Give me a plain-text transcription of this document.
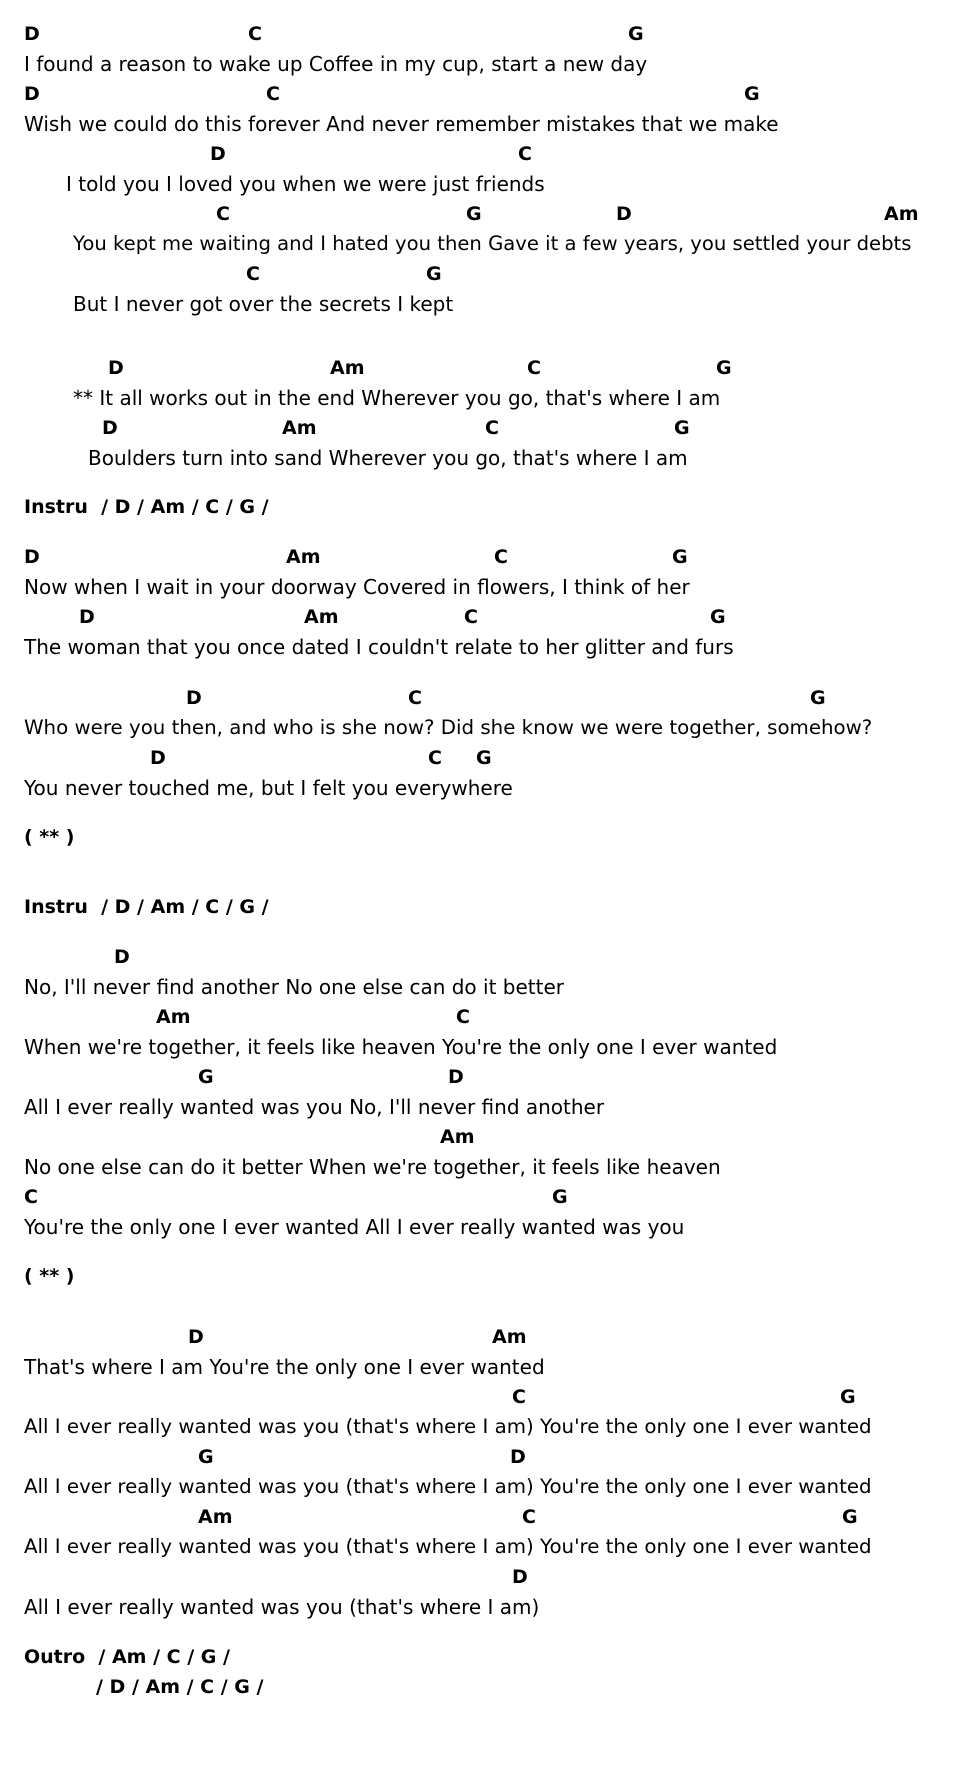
D	C	G
I found a reason to wake up Coffee in my cup, start a new day
D	C	G
Wish we could do this forever And never remember mistakes that we make
D	C
I told you I loved you when we were just friends
C	G	D	Am
You kept me waiting and I hated you then Gave it a few years, you settled your debts
C	G
But I never got over the secrets I kept
D	Am	C	G
** It all works out in the end Wherever you go, that's where I am
D	Am	C	G
Boulders turn into sand Wherever you go, that's where I am
Instru  / D / Am / C / G /
D	Am	C	G
Now when I wait in your doorway Covered in flowers, I think of her
D	Am	C	G
The woman that you once dated I couldn't relate to her glitter and furs
D	C	G
Who were you then, and who is she now? Did she know we were together, somehow?
D	C G
You never touched me, but I felt you everywhere
( ** )
Instru  / D / Am / C / G /
D
No, I'll never find another No one else can do it better
Am	C
When we're together, it feels like heaven You're the only one I ever wanted
G	D
All I ever really wanted was you No, I'll never find another
Am
No one else can do it better When we're together, it feels like heaven
C	G
You're the only one I ever wanted All I ever really wanted was you
( ** )
D	Am
That's where I am You're the only one I ever wanted
C	G
All I ever really wanted was you (that's where I am) You're the only one I ever wanted
G	D
All I ever really wanted was you (that's where I am) You're the only one I ever wanted
Am	C	G
All I ever really wanted was you (that's where I am) You're the only one I ever wanted
D
All I ever really wanted was you (that's where I am)
Outro  / Am / C / G /
/ D / Am / C / G /
